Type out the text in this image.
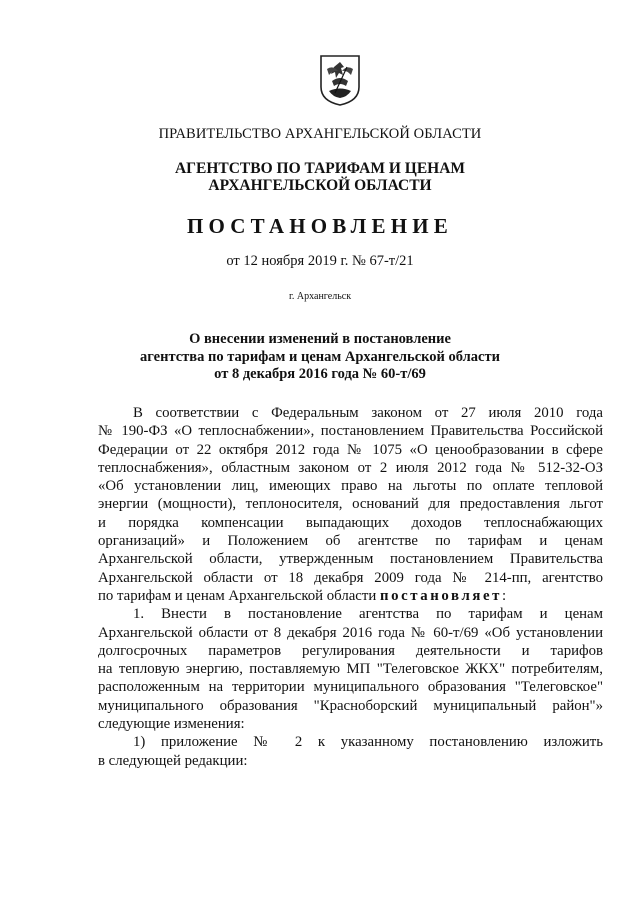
ПРАВИТЕЛЬСТВО АРХАНГЕЛЬСКОЙ ОБЛАСТИ
АГЕНТСТВО ПО ТАРИФАМ И ЦЕНАМ
АРХАНГЕЛЬСКОЙ ОБЛАСТИ
ПОСТАНОВЛЕНИЕ
от 12 ноября 2019 г. № 67-т/21
г. Архангельск
О внесении изменений в постановление
агентства по тарифам и ценам Архангельской области
от 8 декабря 2016 года № 60-т/69
В соответствии с Федеральным законом от 27 июля 2010 года
№ 190-ФЗ «О теплоснабжении», постановлением Правительства Российской
Федерации от 22 октября 2012 года № 1075 «О ценообразовании в сфере
теплоснабжения», областным законом от 2 июля 2012 года № 512-32-ОЗ
«Об установлении лиц, имеющих право на льготы по оплате тепловой
энергии (мощности), теплоносителя, оснований для предоставления льгот
и порядка компенсации выпадающих доходов теплоснабжающих
организаций» и Положением об агентстве по тарифам и ценам
Архангельской области, утвержденным постановлением Правительства
Архангельской области от 18 декабря 2009 года № 214-пп, агентство
по тарифам и ценам Архангельской области постановляет:
1. Внести в постановление агентства по тарифам и ценам
Архангельской области от 8 декабря 2016 года № 60-т/69 «Об установлении
долгосрочных параметров регулирования деятельности и тарифов
на тепловую энергию, поставляемую МП "Телеговское ЖКХ" потребителям,
расположенным на территории муниципального образования "Телеговское"
муниципального образования "Красноборский муниципальный район"»
следующие изменения:
1) приложение № 2 к указанному постановлению изложить
в следующей редакции:
